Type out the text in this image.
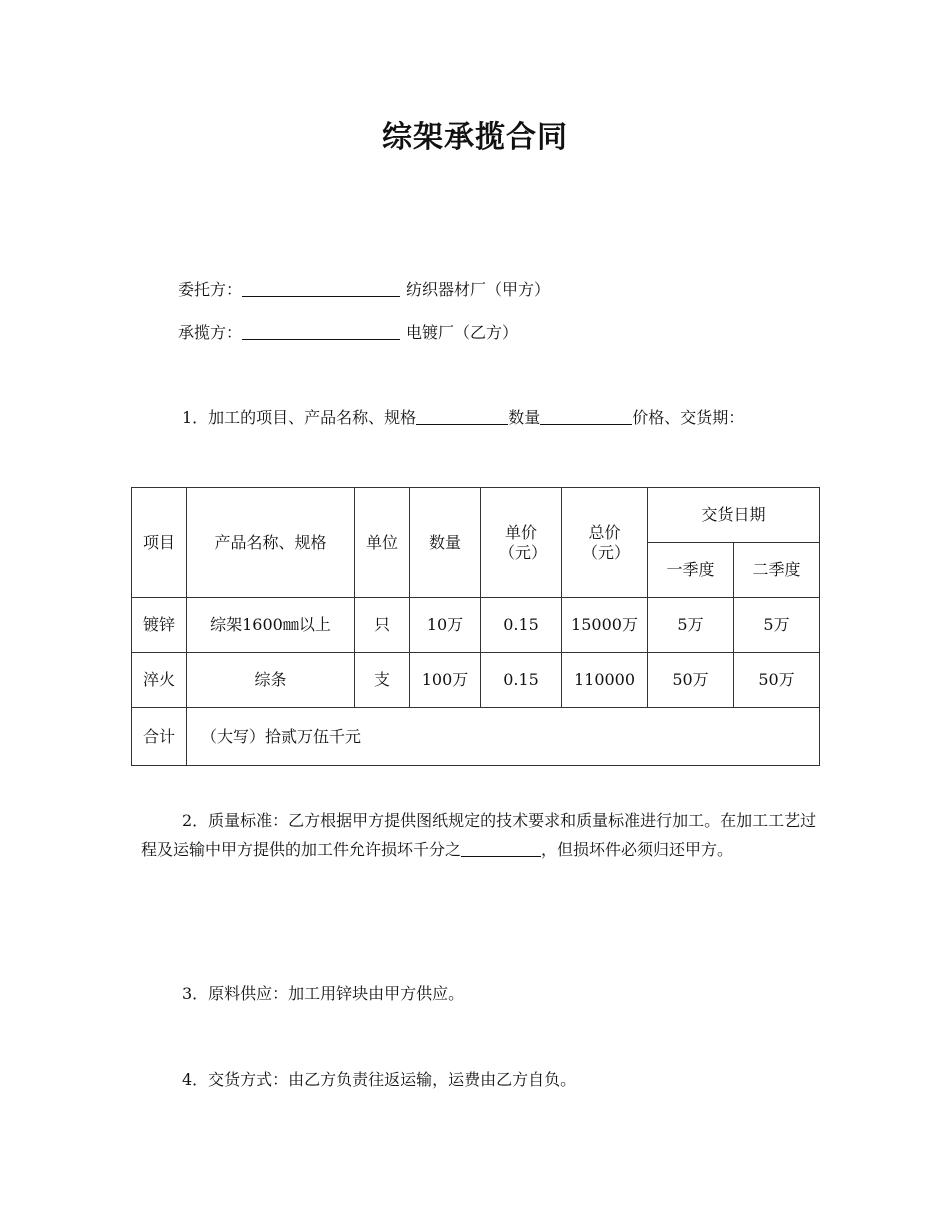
综架承揽合同
委托方：	纺织器材厂（甲方）
承揽方：	电镀厂（乙方）
1．加工的项目、产品名称、规格	数量	价格、交货期：
项目	产品名称、规格	单位	数量	单价（元）	总价（元）	交货日期	
						一季度	二季度
镀锌	综架1600㎜以上	只	10万	0.15	15000万	5万	5万
淬火	综条	支	100万	0.15	110000	50万	50万
合计	（大写）拾贰万伍千元						

2．质量标准：乙方根据甲方提供图纸规定的技术要求和质量标准进行加工。在加工工艺过程及运输中甲方提供的加工件允许损坏千分之	，但损坏件必须归还甲方。

3．原料供应：加工用锌块由甲方供应。
4．交货方式：由乙方负责往返运输，运费由乙方自负。
